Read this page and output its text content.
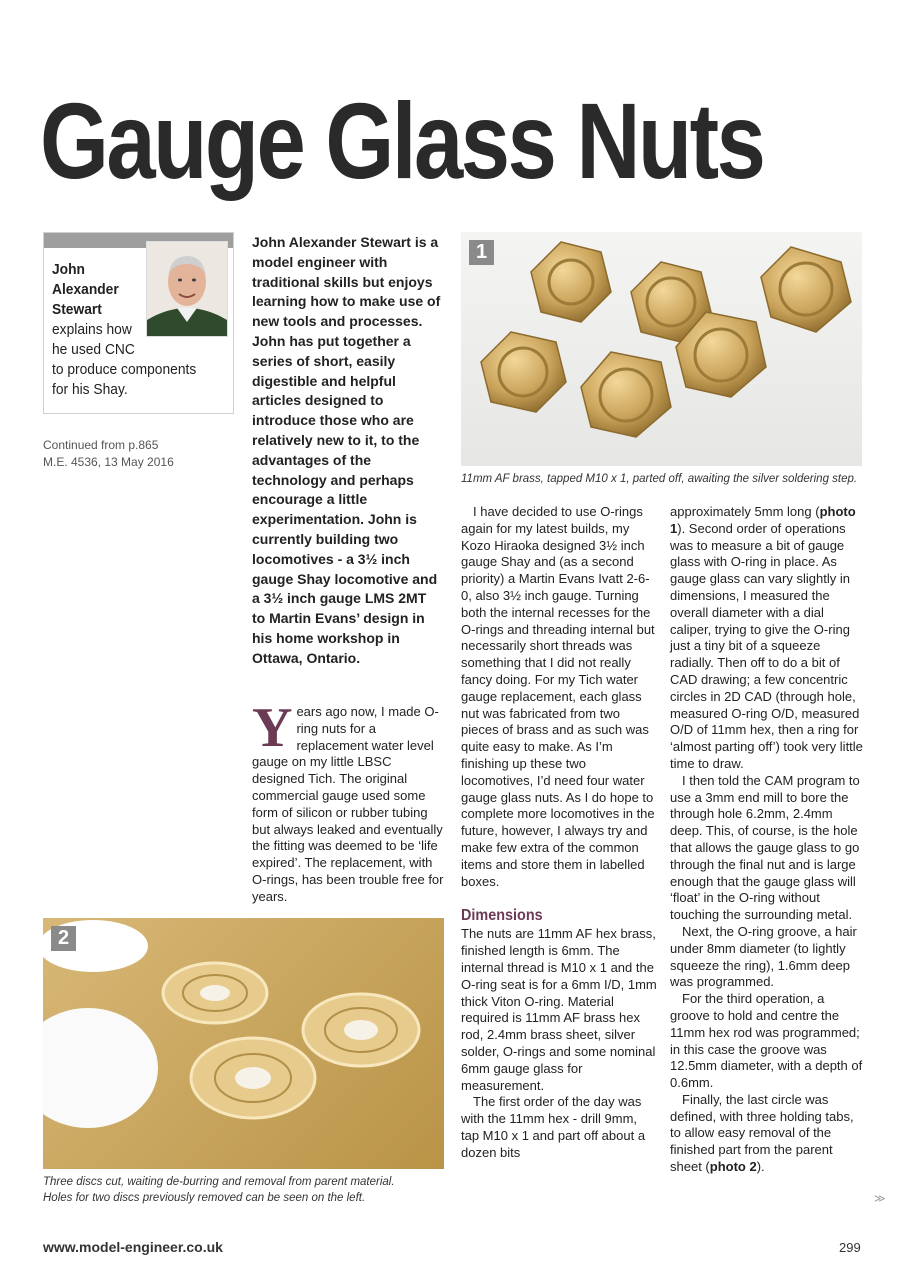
Gauge Glass Nuts
John Alexander Stewart
explains how
he used CNC
to produce components
for his Shay.
Continued from p.865
M.E. 4536, 13 May 2016
John Alexander Stewart is a model engineer with traditional skills but enjoys learning how to make use of new tools and processes. John has put together a series of short, easily digestible and helpful articles designed to introduce those who are relatively new to it, to the advantages of the technology and perhaps encourage a little experimentation. John is currently building two locomotives - a 3½ inch gauge Shay locomotive and a 3½ inch gauge LMS 2MT to Martin Evans’ design in his home workshop in Ottawa, Ontario.
1
11mm AF brass, tapped M10 x 1, parted off, awaiting the silver soldering step.
2
Three discs cut, waiting de-burring and removal from parent material.
Holes for two discs previously removed can be seen on the left.

Years ago now, I made O-ring nuts for a replacement water level gauge on my little LBSC designed Tich. The original commercial gauge used some form of silicon or rubber tubing but always leaked and eventually the fitting was deemed to be ‘life expired’. The replacement, with O-rings, has been trouble free for years.

I have decided to use O-rings again for my latest builds, my Kozo Hiraoka designed 3½ inch gauge Shay and (as a second priority) a Martin Evans Ivatt 2-6-0, also 3½ inch gauge. Turning both the internal recesses for the O-rings and threading internal but necessarily short threads was something that I did not really fancy doing. For my Tich water gauge replacement, each glass nut was fabricated from two pieces of brass and as such was quite easy to make. As I’m finishing up these two locomotives, I’d need four water gauge glass nuts. As I do hope to complete more locomotives in the future, however, I always try and make few extra of the common items and store them in labelled boxes.

Dimensions

The nuts are 11mm AF hex brass, finished length is 6mm. The internal thread is M10 x 1 and the O-ring seat is for a 6mm I/D, 1mm thick Viton O-ring. Material required is 11mm AF brass hex rod, 2.4mm brass sheet, silver solder, O-rings and some nominal 6mm gauge glass for measurement.

The first order of the day was with the 11mm hex - drill 9mm, tap M10 x 1 and part off about a dozen bits

approximately 5mm long (photo 1). Second order of operations was to measure a bit of gauge glass with O-ring in place. As gauge glass can vary slightly in dimensions, I measured the overall diameter with a dial caliper, trying to give the O-ring just a tiny bit of a squeeze radially. Then off to do a bit of CAD drawing; a few concentric circles in 2D CAD (through hole, measured O-ring O/D, measured O/D of 11mm hex, then a ring for ‘almost parting off’) took very little time to draw.

I then told the CAM program to use a 3mm end mill to bore the through hole 6.2mm, 2.4mm deep. This, of course, is the hole that allows the gauge glass to go through the final nut and is large enough that the gauge glass will ‘float’ in the O-ring without touching the surrounding metal.

Next, the O-ring groove, a hair under 8mm diameter (to lightly squeeze the ring), 1.6mm deep was programmed.

For the third operation, a groove to hold and centre the 11mm hex rod was programmed; in this case the groove was 12.5mm diameter, with a depth of 0.6mm.

Finally, the last circle was defined, with three holding tabs, to allow easy removal of the finished part from the parent sheet (photo 2).

≫
www.model-engineer.co.uk	299
